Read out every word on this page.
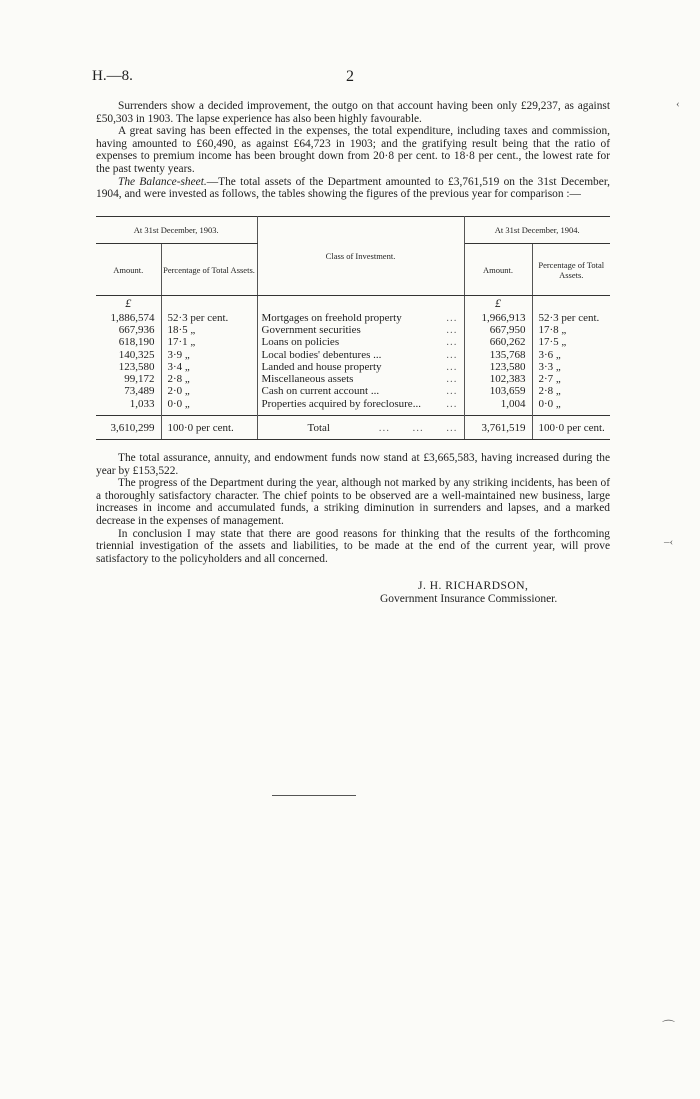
H.—8.	2

Surrenders show a decided improvement, the outgo on that account having been only £29,237, as against £50,303 in 1903. The lapse experience has also been highly favourable.

A great saving has been effected in the expenses, the total expenditure, including taxes and commission, having amounted to £60,490, as against £64,723 in 1903; and the gratifying result being that the ratio of expenses to premium income has been brought down from 20·8 per cent. to 18·8 per cent., the lowest rate for the past twenty years.

The Balance-sheet.—The total assets of the Department amounted to £3,761,519 on the 31st December, 1904, and were invested as follows, the tables showing the figures of the previous year for comparison :—

At 31st December, 1903.		Class of Investment.	At 31st December, 1904.	
Amount.	Percentage of Total Assets.		Amount.	Percentage of Total Assets.
£			£	
1,886,574	52·3 per cent.	Mortgages on freehold property ...	1,966,913	52·3 per cent.
667,936	18·5 „	Government securities ...	667,950	17·8 „
618,190	17·1 „	Loans on policies ...	660,262	17·5 „
140,325	3·9 „	Local bodies' debentures ... ...	135,768	3·6 „
123,580	3·4 „	Landed and house property ...	123,580	3·3 „
99,172	2·8 „	Miscellaneous assets ...	102,383	2·7 „
73,489	2·0 „	Cash on current account ... ...	103,659	2·8 „
1,033	0·0 „	Properties acquired by foreclosure... ...	1,004	0·0 „

3,610,299	100·0 per cent.	Total ...      ...      ...	3,761,519	100·0 per cent.

The total assurance, annuity, and endowment funds now stand at £3,665,583, having increased during the year by £153,522.

The progress of the Department during the year, although not marked by any striking incidents, has been of a thoroughly satisfactory character. The chief points to be observed are a well-maintained new business, large increases in income and accumulated funds, a striking diminution in surrenders and lapses, and a marked decrease in the expenses of management.

In conclusion I may state that there are good reasons for thinking that the results of the forthcoming triennial investigation of the assets and liabilities, to be made at the end of the current year, will prove satisfactory to the policyholders and all concerned.

J. H. RICHARDSON,
Government Insurance Commissioner.
‹
–‹
⌒
